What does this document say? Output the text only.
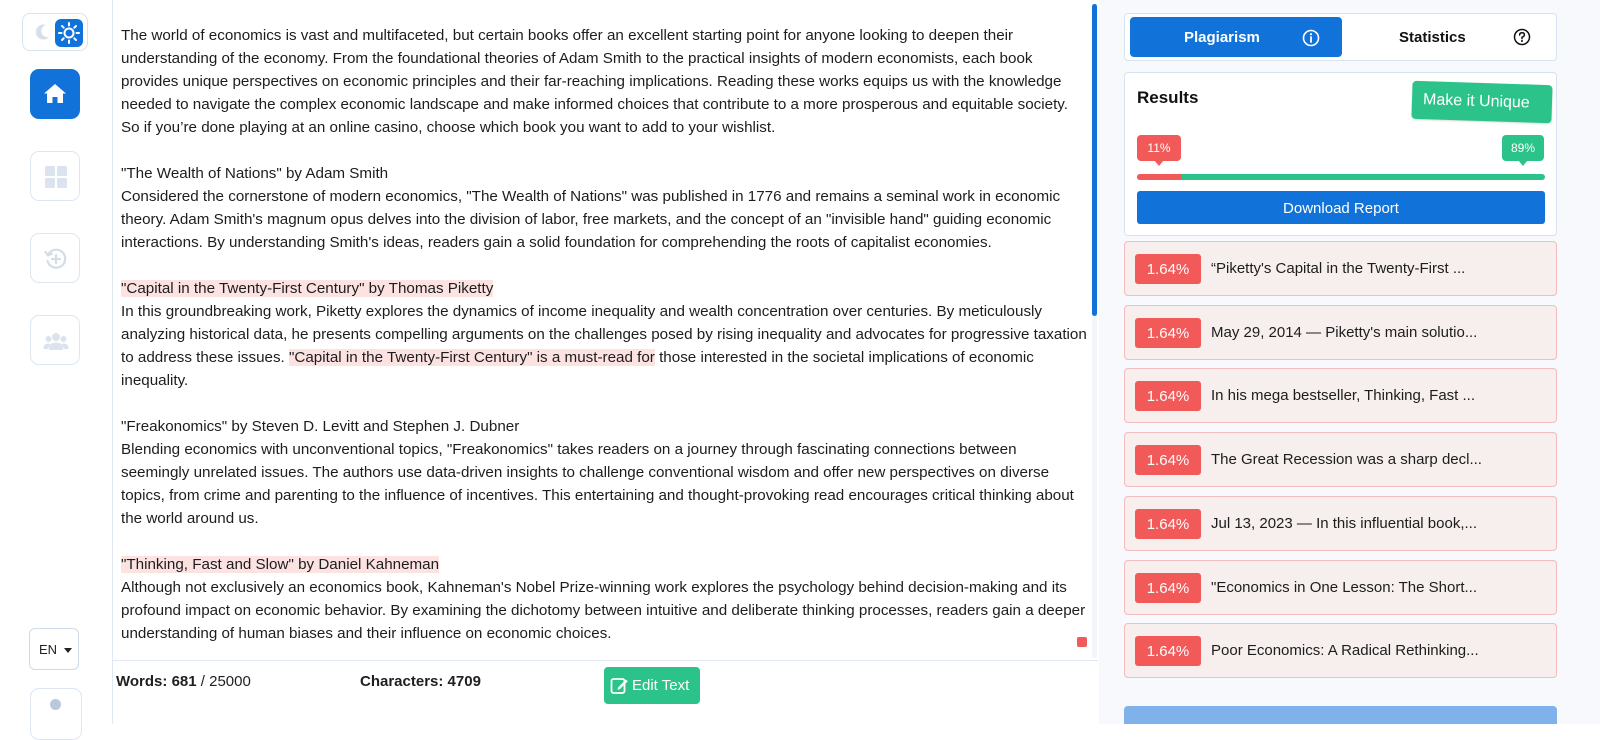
EN

The world of economics is vast and multifaceted, but certain books offer an excellent starting point for anyone looking to deepen their understanding of the economy. From the foundational theories of Adam Smith to the practical insights of modern economists, each book provides unique perspectives on economic principles and their far-reaching implications. Reading these works equips us with the knowledge needed to navigate the complex economic landscape and make informed choices that contribute to a more prosperous and equitable society. So if you’re done playing at an online casino, choose which book you want to add to your wishlist.

"The Wealth of Nations" by Adam Smith
Considered the cornerstone of modern economics, "The Wealth of Nations" was published in 1776 and remains a seminal work in economic theory. Adam Smith's magnum opus delves into the division of labor, free markets, and the concept of an "invisible hand" guiding economic interactions. By understanding Smith's ideas, readers gain a solid foundation for comprehending the roots of capitalist economies.

"Capital in the Twenty-First Century" by Thomas Piketty
In this groundbreaking work, Piketty explores the dynamics of income inequality and wealth concentration over centuries. By meticulously analyzing historical data, he presents compelling arguments on the challenges posed by rising inequality and advocates for progressive taxation to address these issues. "Capital in the Twenty-First Century" is a must-read for those interested in the societal implications of economic inequality.

"Freakonomics" by Steven D. Levitt and Stephen J. Dubner
Blending economics with unconventional topics, "Freakonomics" takes readers on a journey through fascinating connections between seemingly unrelated issues. The authors use data-driven insights to challenge conventional wisdom and offer new perspectives on diverse topics, from crime and parenting to the influence of incentives. This entertaining and thought-provoking read encourages critical thinking about the world around us.

"Thinking, Fast and Slow" by Daniel Kahneman
Although not exclusively an economics book, Kahneman's Nobel Prize-winning work explores the psychology behind decision-making and its profound impact on economic behavior. By examining the dichotomy between intuitive and deliberate thinking processes, readers gain a deeper understanding of human biases and their influence on economic choices.

Words: 681 / 25000	Characters: 4709	Edit Text
Plagiarism	Statistics
Results	Make it Unique
11%	89%
Download Report
1.64%	“Piketty's Capital in the Twenty-First ...
1.64%	May 29, 2014 — Piketty's main solutio...
1.64%	In his mega bestseller, Thinking, Fast ...
1.64%	The Great Recession was a sharp decl...
1.64%	Jul 13, 2023 — In this influential book,...
1.64%	"Economics in One Lesson: The Short...
1.64%	Poor Economics: A Radical Rethinking...
